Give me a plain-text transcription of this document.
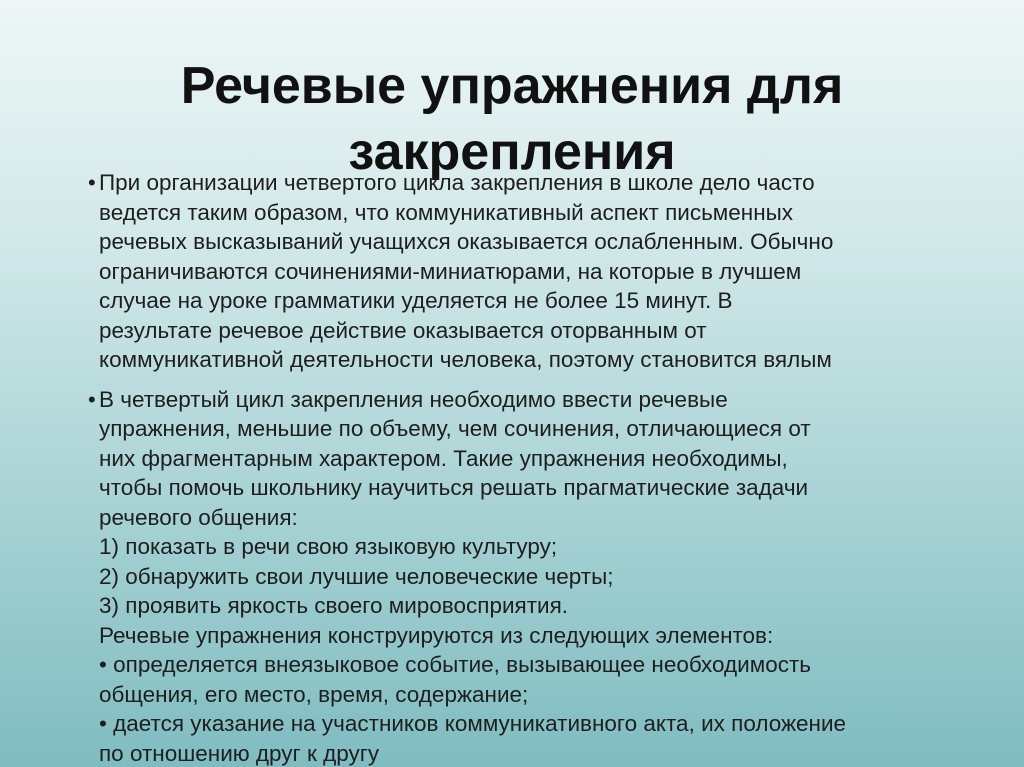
Речевые упражнения для
закрепления
• При организации четвертого цикла закрепления в школе дело часто
ведется таким образом, что коммуникативный аспект письменных
речевых высказываний учащихся оказывается ослабленным. Обычно
ограничиваются сочинениями-миниатюрами, на которые в лучшем
случае на уроке грамматики уделяется не более 15 минут. В
результате речевое действие оказывается оторванным от
коммуникативной деятельности человека, поэтому становится вялым
• В четвертый цикл закрепления необходимо ввести речевые
упражнения, меньшие по объему, чем сочинения, отличающиеся от
них фрагментарным характером. Такие упражнения необходимы,
чтобы помочь школьнику научиться решать прагматические задачи
речевого общения:
1) показать в речи свою языковую культуру;
2) обнаружить свои лучшие человеческие черты;
3) проявить яркость своего мировосприятия.
Речевые упражнения конструируются из следующих элементов:
• определяется внеязыковое событие, вызывающее необходимость
общения, его место, время, содержание;
• дается указание на участников коммуникативного акта, их положение
по отношению друг к другу
